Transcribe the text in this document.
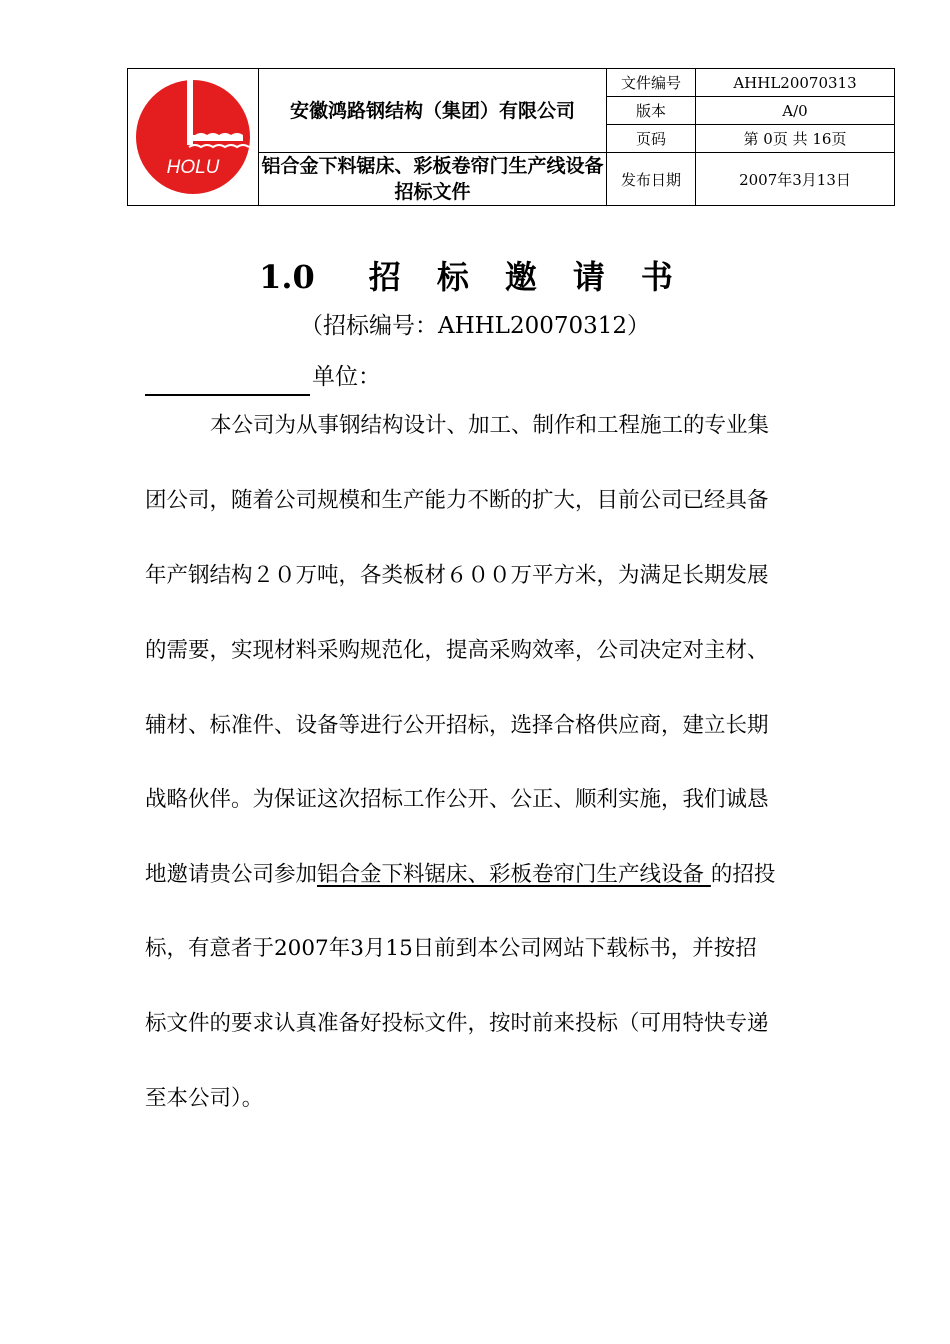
HOLU	安徽鸿路钢结构（集团）有限公司	文件编号	AHHL20070313
		版本	A/0
		页码	第 0页 共 16页
	铝合金下料锯床、彩板卷帘门生产线设备招标文件	发布日期	2007年3月13日
1.0 招 标 邀 请 书
（招标编号：AHHL20070312）
单位：
本公司为从事钢结构设计、加工、制作和工程施工的专业集
团公司，随着公司规模和生产能力不断的扩大，目前公司已经具备
年产钢结构２０万吨，各类板材６００万平方米，为满足长期发展
的需要，实现材料采购规范化，提高采购效率，公司决定对主材、
辅材、标准件、设备等进行公开招标，选择合格供应商，建立长期
战略伙伴。为保证这次招标工作公开、公正、顺利实施，我们诚恳
地邀请贵公司参加铝合金下料锯床、彩板卷帘门生产线设备 的招投
标，有意者于2007年3月15日前到本公司网站下载标书，并按招
标文件的要求认真准备好投标文件，按时前来投标（可用特快专递
至本公司）。
